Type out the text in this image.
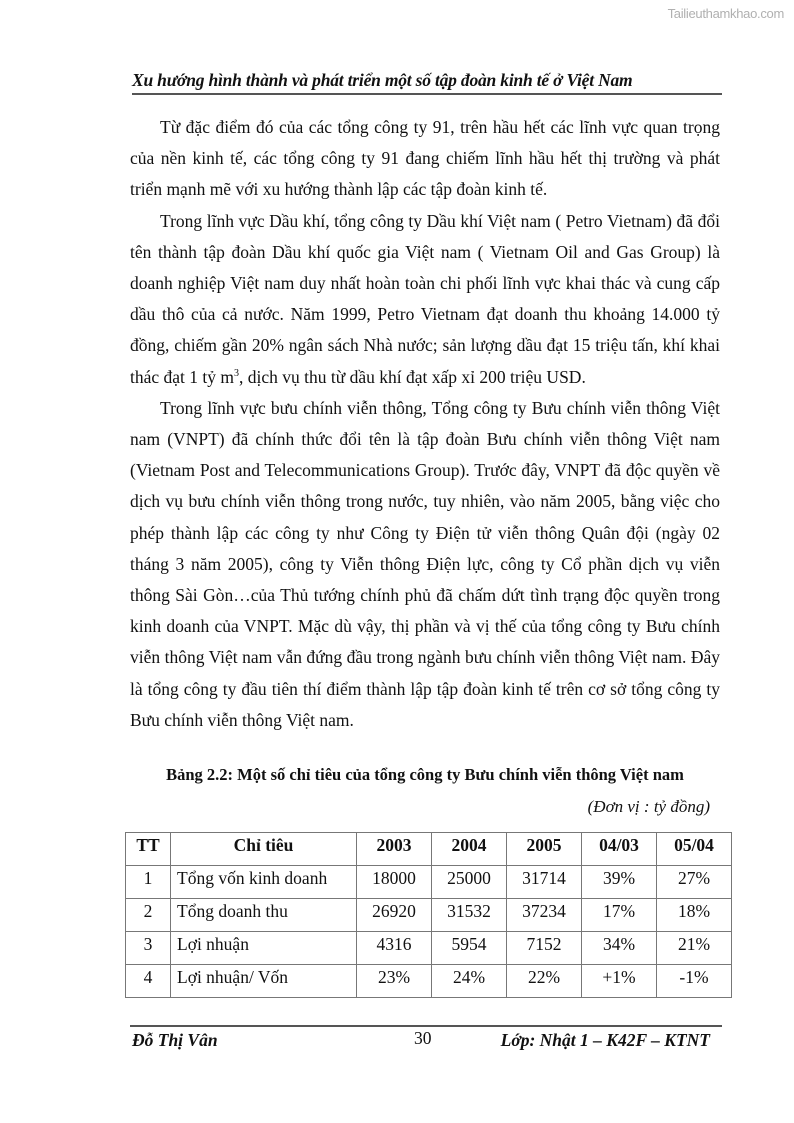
Tailieuthamkhao.com
Xu hướng hình thành và phát triển một số tập đoàn kinh tế ở Việt Nam

Từ đặc điểm đó của các tổng công ty 91, trên hầu hết các lĩnh vực quan trọng của nền kinh tế, các tổng công ty 91 đang chiếm lĩnh hầu hết thị trường và phát triển mạnh mẽ với xu hướng thành lập các tập đoàn kinh tế.

Trong lĩnh vực Dầu khí, tổng công ty Dầu khí Việt nam ( Petro Vietnam) đã đổi tên thành tập đoàn Dầu khí quốc gia Việt nam ( Vietnam Oil and Gas Group) là doanh nghiệp Việt nam duy nhất hoàn toàn chi phối lĩnh vực khai thác và cung cấp dầu thô của cả nước. Năm 1999, Petro Vietnam đạt doanh thu khoảng 14.000 tỷ đồng, chiếm gần 20% ngân sách Nhà nước; sản lượng dầu đạt 15 triệu tấn, khí khai thác đạt 1 tỷ $m^3$, dịch vụ thu từ dầu khí đạt xấp xỉ 200 triệu USD.

Trong lĩnh vực bưu chính viễn thông, Tổng công ty Bưu chính viễn thông Việt nam (VNPT) đã chính thức đổi tên là tập đoàn Bưu chính viễn thông Việt nam (Vietnam Post and Telecommunications Group). Trước đây, VNPT đã độc quyền về dịch vụ bưu chính viễn thông trong nước, tuy nhiên, vào năm 2005, bằng việc cho phép thành lập các công ty như Công ty Điện tử viễn thông Quân đội (ngày 02 tháng 3 năm 2005), công ty Viễn thông Điện lực, công ty Cổ phần dịch vụ viễn thông Sài Gòn…của Thủ tướng chính phủ đã chấm dứt tình trạng độc quyền trong kinh doanh của VNPT. Mặc dù vậy, thị phần và vị thế của tổng công ty Bưu chính viễn thông Việt nam vẫn đứng đầu trong ngành bưu chính viễn thông Việt nam. Đây là tổng công ty đầu tiên thí điểm thành lập tập đoàn kinh tế trên cơ sở tổng công ty Bưu chính viễn thông Việt nam.

Bảng 2.2: Một số chỉ tiêu của tổng công ty Bưu chính viễn thông Việt nam
(Đơn vị : tỷ đồng)
TT	Chỉ tiêu	2003	2004	2005	04/03	05/04
1	Tổng vốn kinh doanh	18000	25000	31714	39%	27%
2	Tổng doanh thu	26920	31532	37234	17%	18%
3	Lợi nhuận	4316	5954	7152	34%	21%
4	Lợi nhuận/ Vốn	23%	24%	22%	+1%	-1%
Đỗ Thị Vân	30	Lớp: Nhật 1 – K42F – KTNT
